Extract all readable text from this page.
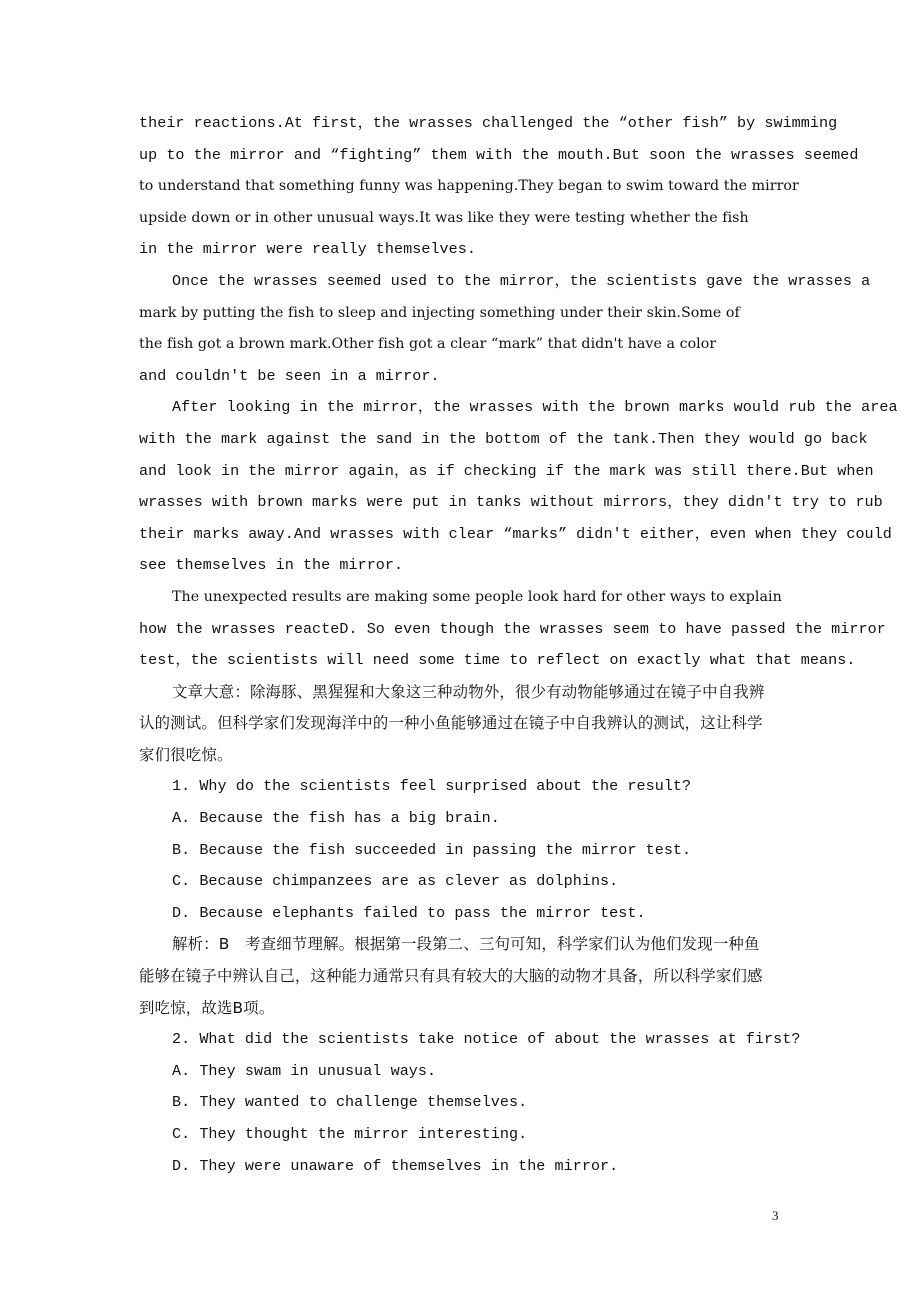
their reactions.At first，the wrasses challenged the “other fish” by swimming
up to the mirror and “fighting” them with the mouth.But soon the wrasses seemed
to understand that something funny was happening.They began to swim toward the mirror
upside down or in other unusual ways.It was like they were testing whether the fish
in the mirror were really themselves.
Once the wrasses seemed used to the mirror，the scientists gave the wrasses a
mark by putting the fish to sleep and injecting something under their skin.Some of
the fish got a brown mark.Other fish got a clear “mark” that didn't have a color
and couldn't be seen in a mirror.
After looking in the mirror，the wrasses with the brown marks would rub the area
with the mark against the sand in the bottom of the tank.Then they would go back
and look in the mirror again，as if checking if the mark was still there.But when
wrasses with brown marks were put in tanks without mirrors，they didn't try to rub
their marks away.And wrasses with clear “marks” didn't either，even when they could
see themselves in the mirror.
The unexpected results are making some people look hard for other ways to explain
how the wrasses reacteD. So even though the wrasses seem to have passed the mirror
test，the scientists will need some time to reflect on exactly what that means.
文章大意：除海豚、黑猩猩和大象这三种动物外，很少有动物能够通过在镜子中自我辨
认的测试。但科学家们发现海洋中的一种小鱼能够通过在镜子中自我辨认的测试，这让科学
家们很吃惊。
1. Why do the scientists feel surprised about the result?
A. Because the fish has a big brain.
B. Because the fish succeeded in passing the mirror test.
C. Because chimpanzees are as clever as dolphins.
D. Because elephants failed to pass the mirror test.
解析：B　考查细节理解。根据第一段第二、三句可知，科学家们认为他们发现一种鱼
能够在镜子中辨认自己，这种能力通常只有具有较大的大脑的动物才具备，所以科学家们感
到吃惊，故选B项。
2. What did the scientists take notice of about the wrasses at first?
A. They swam in unusual ways.
B. They wanted to challenge themselves.
C. They thought the mirror interesting.
D. They were unaware of themselves in the mirror.
3
